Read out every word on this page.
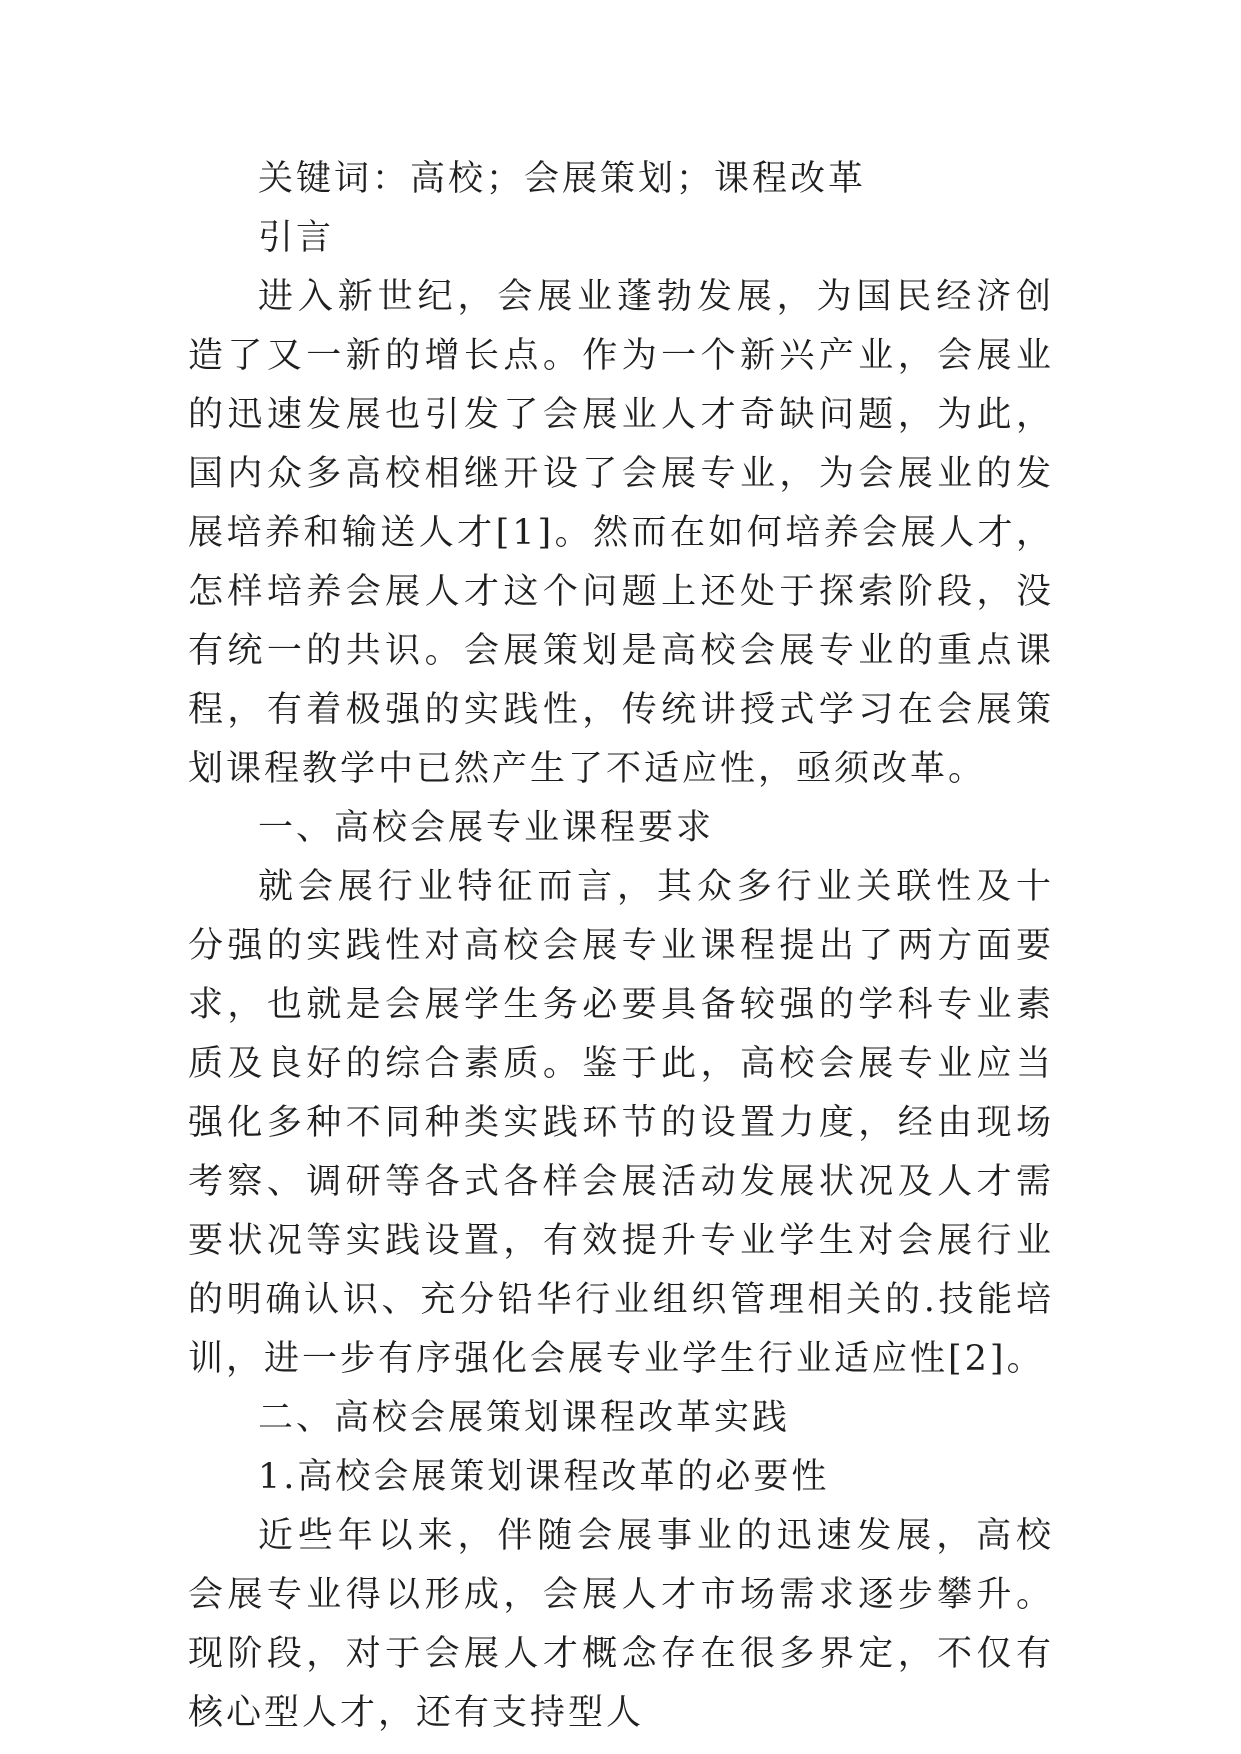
关键词：高校；会展策划；课程改革

引言

进入新世纪，会展业蓬勃发展，为国民经济创造了又一新的增长点。作为一个新兴产业，会展业的迅速发展也引发了会展业人才奇缺问题，为此，国内众多高校相继开设了会展专业，为会展业的发展培养和输送人才[1]。然而在如何培养会展人才，怎样培养会展人才这个问题上还处于探索阶段，没有统一的共识。会展策划是高校会展专业的重点课程，有着极强的实践性，传统讲授式学习在会展策划课程教学中已然产生了不适应性，亟须改革。

一、高校会展专业课程要求

就会展行业特征而言，其众多行业关联性及十分强的实践性对高校会展专业课程提出了两方面要求，也就是会展学生务必要具备较强的学科专业素质及良好的综合素质。鉴于此，高校会展专业应当强化多种不同种类实践环节的设置力度，经由现场考察、调研等各式各样会展活动发展状况及人才需要状况等实践设置，有效提升专业学生对会展行业的明确认识、充分铅华行业组织管理相关的.技能培训，进一步有序强化会展专业学生行业适应性[2]。

二、高校会展策划课程改革实践

1.高校会展策划课程改革的必要性

近些年以来，伴随会展事业的迅速发展，高校会展专业得以形成，会展人才市场需求逐步攀升。现阶段，对于会展人才概念存在很多界定，不仅有核心型人才，还有支持型人
